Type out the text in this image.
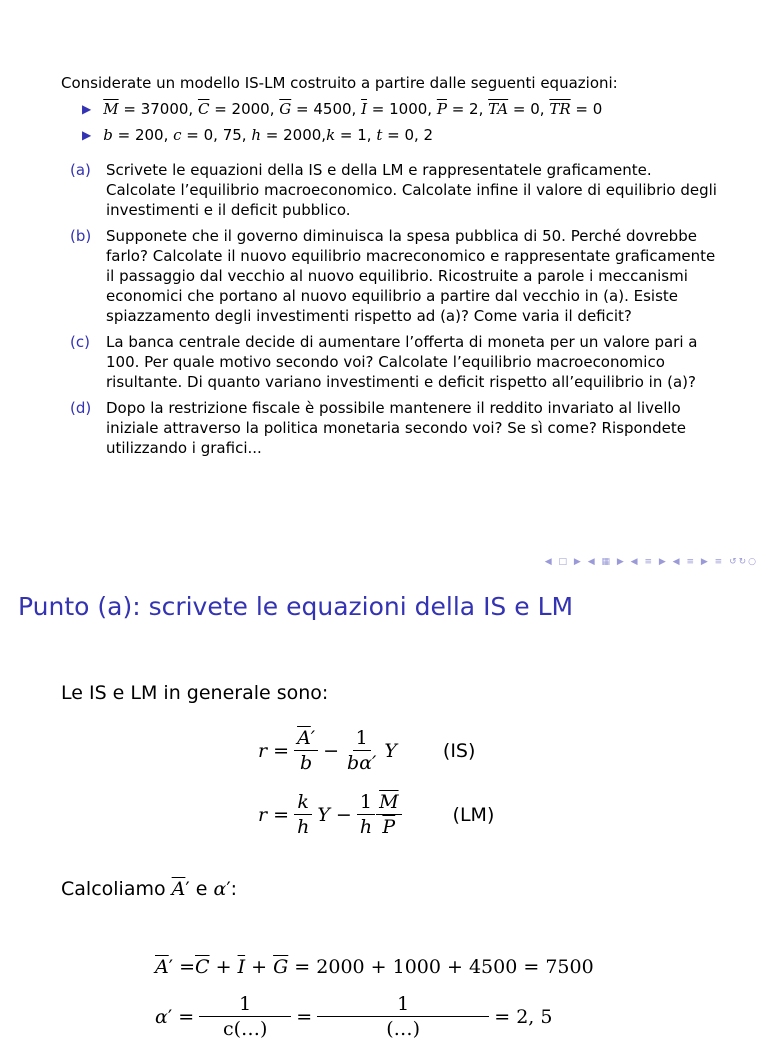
Considerate un modello IS-LM costruito a partire dalle seguenti equazioni:
▶ $\overline{M} = 37000$, $\overline{C} = 2000$, $\overline{G} = 4500$, $\overline{I} = 1000$, $\overline{P} = 2$, $\overline{TA} = 0$, $\overline{TR} = 0$
▶ b = 200, c = 0, 75, h = 2000,k = 1, t = 0, 2
(a)	Scrivete le equazioni della IS e della LM e rappresentatele graficamente. Calcolate l’equilibrio macroeconomico. Calcolate infine il valore di equilibrio degli investimenti e il deficit pubblico.
(b) Supponete che il governo diminuisca la spesa pubblica di 50. Perché dovrebbe farlo? Calcolate il nuovo equilibrio macreconomico e rappresentate graficamente il passaggio dal vecchio al nuovo equilibrio. Ricostruite a parole i meccanismi economici che portano al nuovo equilibrio a partire dal vecchio in (a). Esiste spiazzamento degli investimenti rispetto ad (a)? Come varia il deficit?
(c)	La banca centrale decide di aumentare l’offerta di moneta per un valore pari a 100. Per quale motivo secondo voi? Calcolate l’equilibrio macroeconomico risultante. Di quanto variano investimenti e deficit rispetto all’equilibrio in (a)?
(d) Dopo la restrizione fiscale è possibile mantenere il reddito invariato al livello iniziale attraverso la politica monetaria secondo voi? Se sì come? Rispondete utilizzando i grafici...
◀ □ ▶ ◀ ▦ ▶ ◀ ≡ ▶ ◀ ≡ ▶ ≡ ↺↻○
Punto (a): scrivete le equazioni della IS e LM
Le IS e LM in generale sono:
$r = \frac{\overline{A}'}{b} - \frac{1}{b\alpha'}$ Y (IS)
$r = \frac{k}{h}$ $Y - \frac{1}{h} \frac{\overline{M}}{P}$	(LM)
Calcoliamo $\overline{A}'$ e α′:
$\overline{A}$ ′ = $\overline{C} + \overline{I} + \overline{G} = 2000 + 1000 + 4500 = 7500$
α ′ = $\frac{1}{c(\dots)} = \frac{1}{(\dots)} = 2$, 5
